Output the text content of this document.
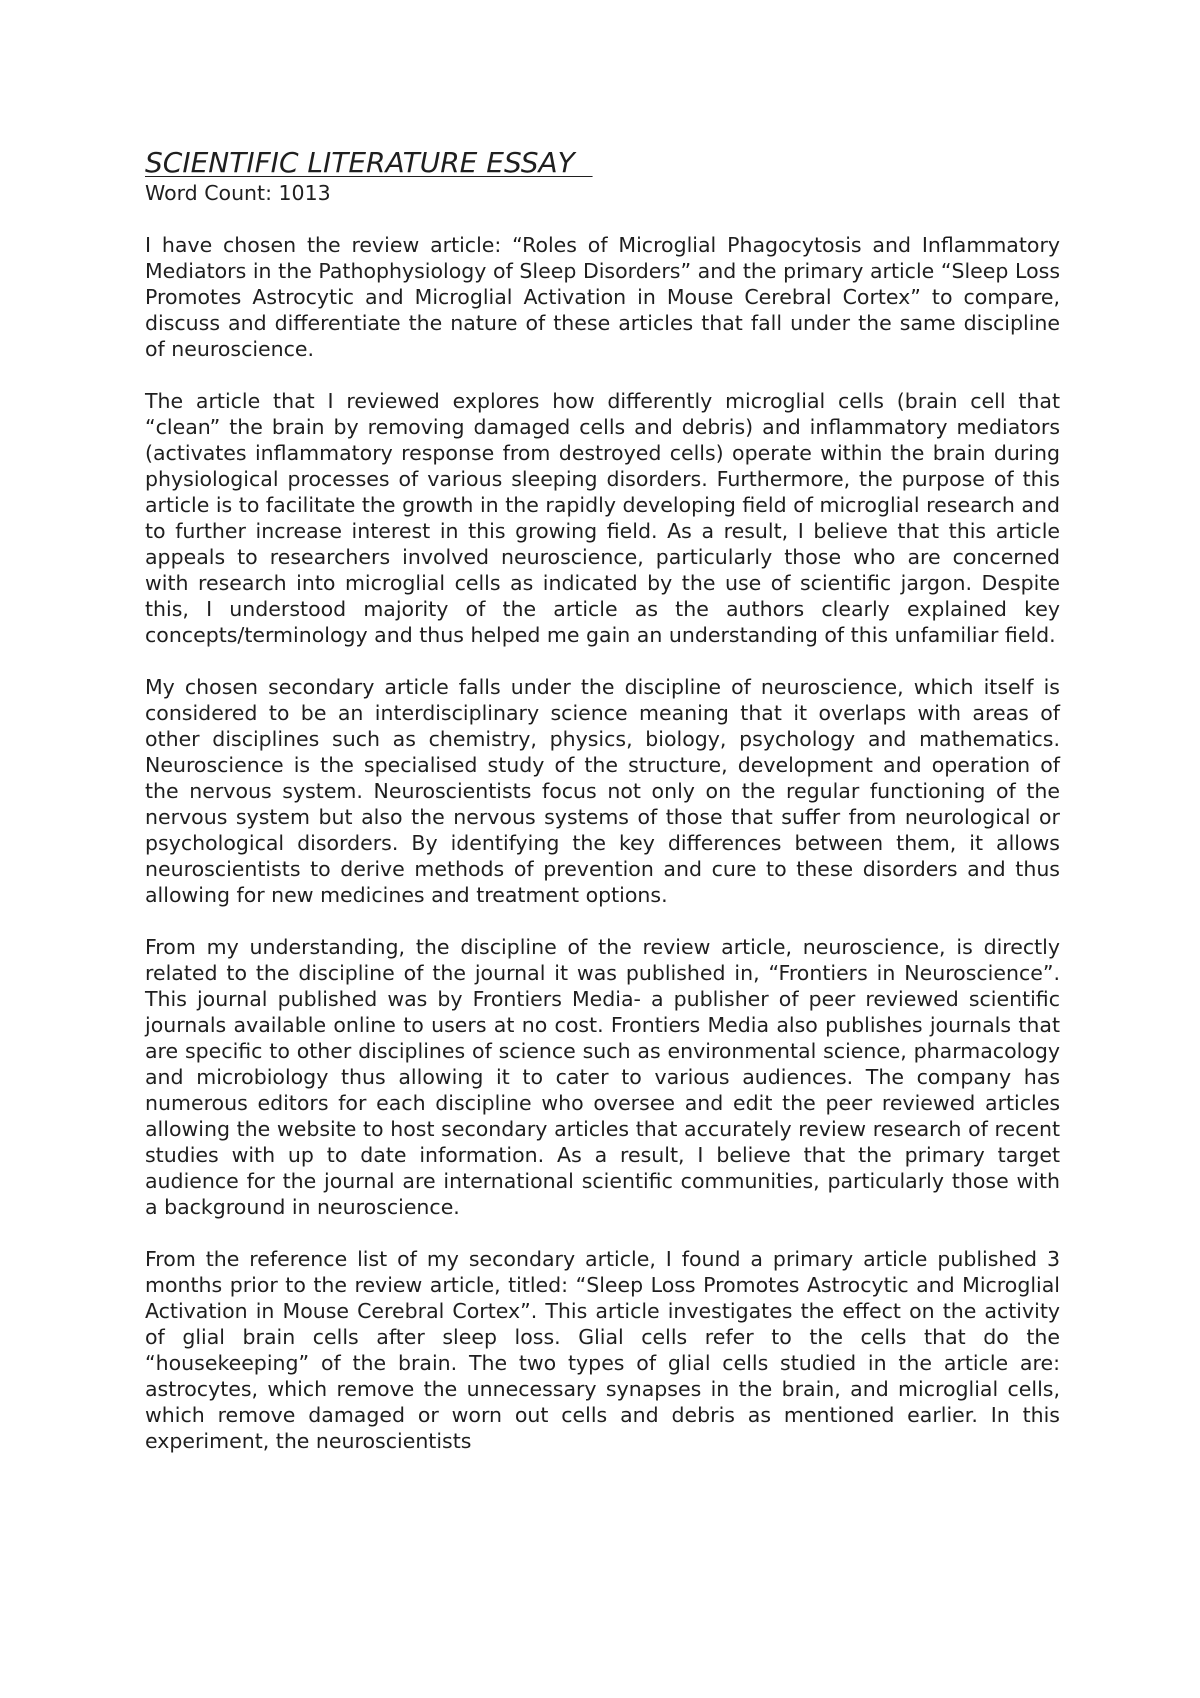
SCIENTIFIC LITERATURE ESSAY

Word Count: 1013

I have chosen the review article: “Roles of Microglial Phagocytosis and Inflammatory Mediators in the Pathophysiology of Sleep Disorders” and the primary article “Sleep Loss Promotes Astrocytic and Microglial Activation in Mouse Cerebral Cortex” to compare, discuss and differentiate the nature of these articles that fall under the same discipline of neuroscience.

The article that I reviewed explores how differently microglial cells (brain cell that “clean” the brain by removing damaged cells and debris) and inflammatory mediators (activates inflammatory response from destroyed cells) operate within the brain during physiological processes of various sleeping disorders. Furthermore, the purpose of this article is to facilitate the growth in the rapidly developing field of microglial research and to further increase interest in this growing field. As a result, I believe that this article appeals to researchers involved neuroscience, particularly those who are concerned with research into microglial cells as indicated by the use of scientific jargon. Despite this, I understood majority of the article as the authors clearly explained key concepts/terminology and thus helped me gain an understanding of this unfamiliar field.

My chosen secondary article falls under the discipline of neuroscience, which itself is considered to be an interdisciplinary science meaning that it overlaps with areas of other disciplines such as chemistry, physics, biology, psychology and mathematics. Neuroscience is the specialised study of the structure, development and operation of the nervous system. Neuroscientists focus not only on the regular functioning of the nervous system but also the nervous systems of those that suffer from neurological or psychological disorders. By identifying the key differences between them, it allows neuroscientists to derive methods of prevention and cure to these disorders and thus allowing for new medicines and treatment options.

From my understanding, the discipline of the review article, neuroscience, is directly related to the discipline of the journal it was published in, “Frontiers in Neuroscience”. This journal published was by Frontiers Media- a publisher of peer reviewed scientific journals available online to users at no cost. Frontiers Media also publishes journals that are specific to other disciplines of science such as environmental science, pharmacology and microbiology thus allowing it to cater to various audiences. The company has numerous editors for each discipline who oversee and edit the peer reviewed articles allowing the website to host secondary articles that accurately review research of recent studies with up to date information. As a result, I believe that the primary target audience for the journal are international scientific communities, particularly those with a background in neuroscience.

From the reference list of my secondary article, I found a primary article published 3 months prior to the review article, titled: “Sleep Loss Promotes Astrocytic and Microglial Activation in Mouse Cerebral Cortex”. This article investigates the effect on the activity of glial brain cells after sleep loss. Glial cells refer to the cells that do the “housekeeping” of the brain. The two types of glial cells studied in the article are: astrocytes, which remove the unnecessary synapses in the brain, and microglial cells, which remove damaged or worn out cells and debris as mentioned earlier. In this experiment, the neuroscientists
